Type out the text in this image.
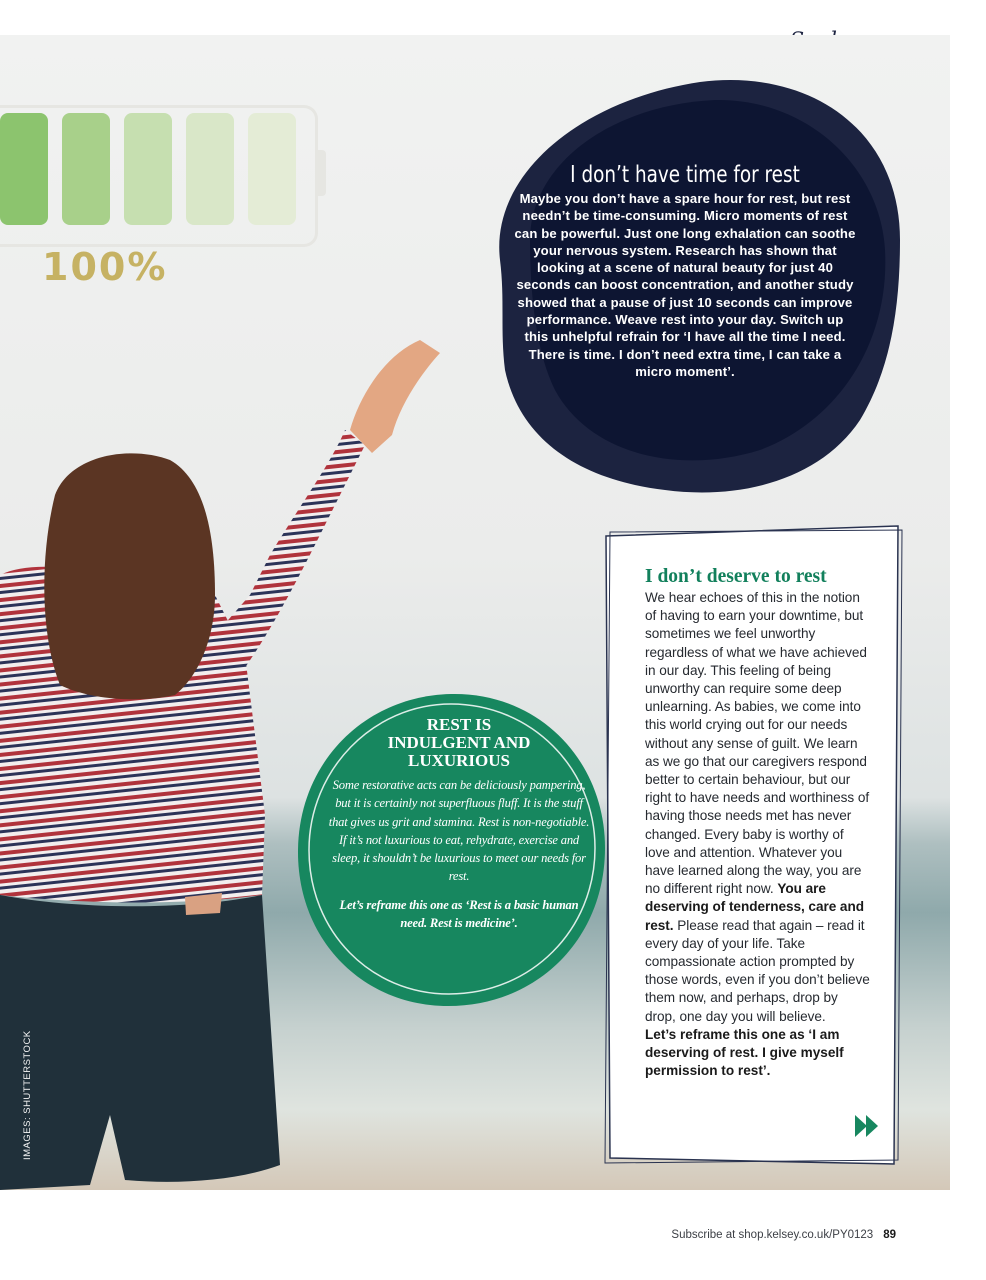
100%
IMAGES: SHUTTERSTOCK
I don’t have time for rest

Maybe you don’t have a spare hour for rest, but rest needn’t be time-consuming. Micro moments of rest can be powerful. Just one long exhalation can soothe your nervous system. Research has shown that looking at a scene of natural beauty for just 40 seconds can boost concentration, and another study showed that a pause of just 10 seconds can improve performance. Weave rest into your day. Switch up this unhelpful refrain for ‘I have all the time I need. There is time. I don’t need extra time, I can take a micro moment’.

REST IS INDULGENT AND LUXURIOUS

Some restorative acts can be deliciously pampering, but it is certainly not superfluous fluff. It is the stuff that gives us grit and stamina. Rest is non-negotiable. If it’s not luxurious to eat, rehydrate, exercise and sleep, it shouldn’t be luxurious to meet our needs for rest.

Let’s reframe this one as ‘Rest is a basic human need. Rest is medicine’.

I don’t deserve to rest

We hear echoes of this in the notion of having to earn your downtime, but sometimes we feel unworthy regardless of what we have achieved in our day. This feeling of being unworthy can require some deep unlearning. As babies, we come into this world crying out for our needs without any sense of guilt. We learn as we go that our caregivers respond better to certain behaviour, but our right to have needs and worthiness of having those needs met has never changed. Every baby is worthy of love and attention. Whatever you have learned along the way, you are no different right now. You are deserving of tenderness, care and rest. Please read that again – read it every day of your life. Take compassionate action prompted by those words, even if you don’t believe them now, and perhaps, drop by drop, one day you will believe.

Let’s reframe this one as ‘I am deserving of rest. I give myself permission to rest’.

Subscribe at shop.kelsey.co.uk/PY0123 89
